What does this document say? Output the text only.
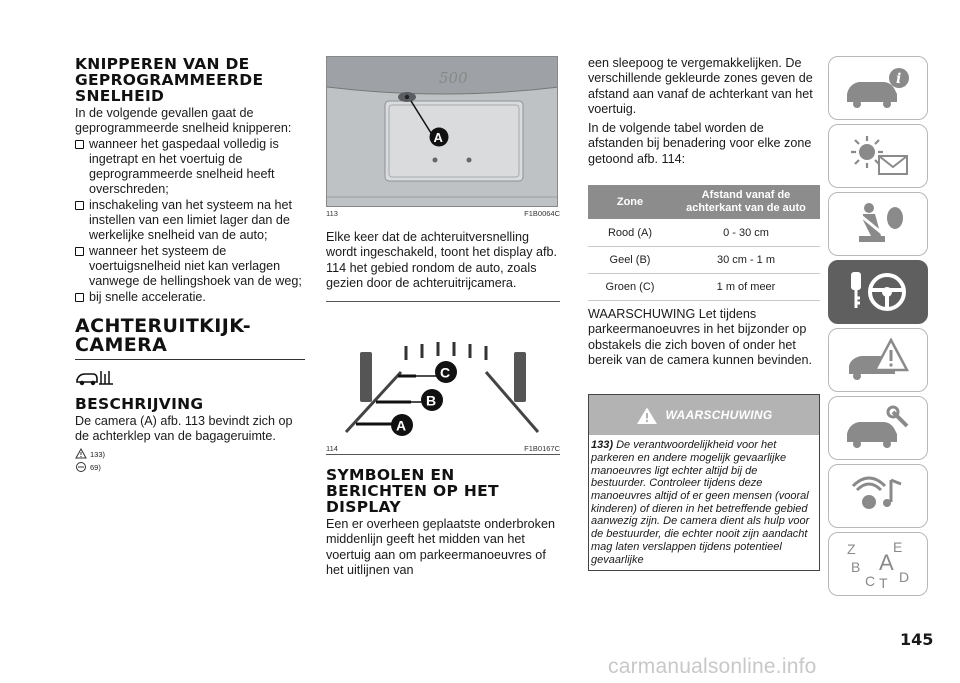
KNIPPEREN VAN DE GEPROGRAMMEERDE SNELHEID
In de volgende gevallen gaat de geprogrammeerde snelheid knipperen:
wanneer het gaspedaal volledig is ingetrapt en het voertuig de geprogrammeerde snelheid heeft overschreden;
inschakeling van het systeem na het instellen van een limiet lager dan de werkelijke snelheid van de auto;
wanneer het systeem de voertuigsnelheid niet kan verlagen vanwege de hellingshoek van de weg;
bij snelle acceleratie.
ACHTERUITKIJK-CAMERA
BESCHRIJVING
De camera (A) afb. 113 bevindt zich op de achterklep van de bagageruimte.
133)
69)
500
A
113	F1B0064C
Elke keer dat de achteruitversnelling wordt ingeschakeld, toont het display afb. 114 het gebied rondom de auto, zoals gezien door de achteruitrijcamera.
C
B
A
114	F1B0167C
SYMBOLEN EN BERICHTEN OP HET DISPLAY
Een er overheen geplaatste onderbroken middenlijn geeft het midden van het voertuig aan om parkeermanoeuvres of het uitlijnen van
een sleepoog te vergemakkelijken. De verschillende gekleurde zones geven de afstand aan vanaf de achterkant van het voertuig.
In de volgende tabel worden de afstanden bij benadering voor elke zone getoond afb. 114:
Zone	Afstand vanaf de achterkant van de auto
Rood (A)	0 - 30 cm
Geel (B)	30 cm - 1 m
Groen (C)	1 m of meer
WAARSCHUWING Let tijdens parkeermanoeuvres in het bijzonder op obstakels die zich boven of onder het bereik van de camera kunnen bevinden.
WAARSCHUWING
133) De verantwoordelijkheid voor het parkeren en andere mogelijk gevaarlijke manoeuvres ligt echter altijd bij de bestuurder. Controleer tijdens deze manoeuvres altijd of er geen mensen (vooral kinderen) of dieren in het betreffende gebied aanwezig zijn. De camera dient als hulp voor de bestuurder, die echter nooit zijn aandacht mag laten verslappen tijdens potentieel gevaarlijke
i
Z	E
B A
C T D
145
carmanualsonline.info
